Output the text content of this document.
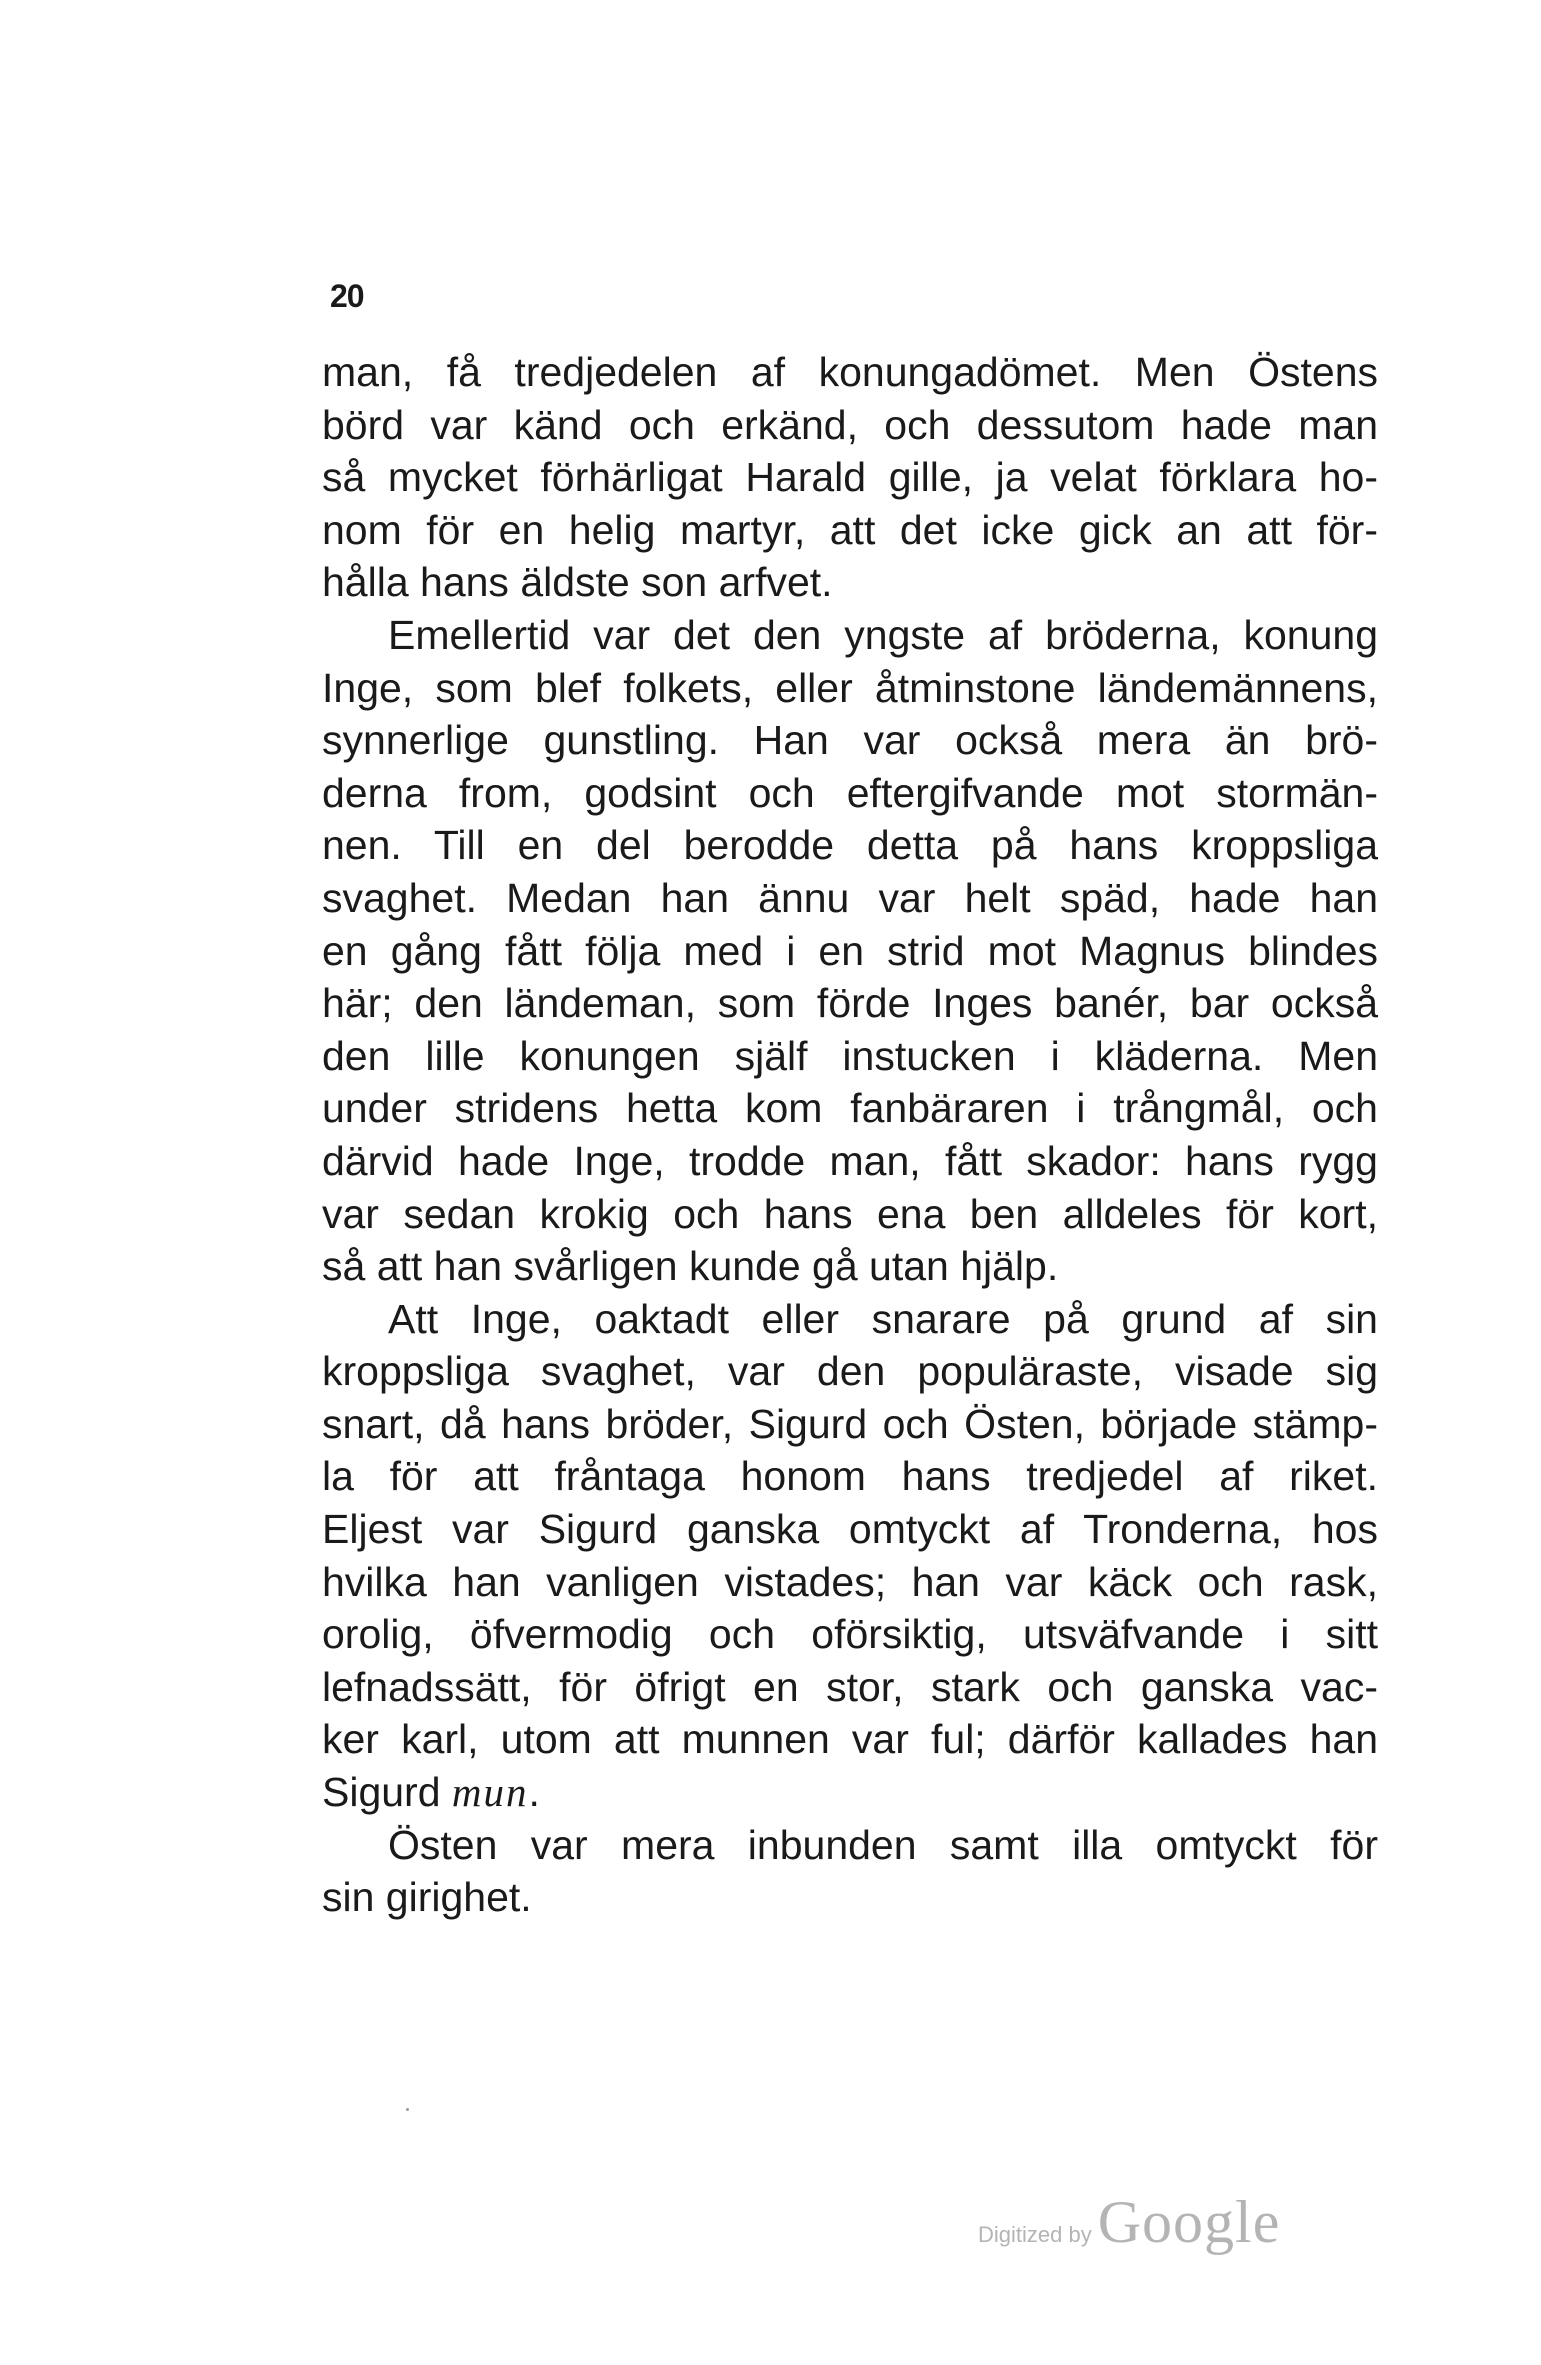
20
man, få tredjedelen af konungadömet. Men Östens
börd var känd och erkänd, och dessutom hade man
så mycket förhärligat Harald gille, ja velat förklara ho-
nom för en helig martyr, att det icke gick an att för-
hålla hans äldste son arfvet.
Emellertid var det den yngste af bröderna, konung
Inge, som blef folkets, eller åtminstone ländemännens,
synnerlige gunstling. Han var också mera än brö-
derna from, godsint och eftergifvande mot stormän-
nen. Till en del berodde detta på hans kroppsliga
svaghet. Medan han ännu var helt späd, hade han
en gång fått följa med i en strid mot Magnus blindes
här; den ländeman, som förde Inges banér, bar också
den lille konungen själf instucken i kläderna. Men
under stridens hetta kom fanbäraren i trångmål, och
därvid hade Inge, trodde man, fått skador: hans rygg
var sedan krokig och hans ena ben alldeles för kort,
så att han svårligen kunde gå utan hjälp.
Att Inge, oaktadt eller snarare på grund af sin
kroppsliga svaghet, var den populäraste, visade sig
snart, då hans bröder, Sigurd och Östen, började stämp-
la för att fråntaga honom hans tredjedel af riket.
Eljest var Sigurd ganska omtyckt af Tronderna, hos
hvilka han vanligen vistades; han var käck och rask,
orolig, öfvermodig och oförsiktig, utsväfvande i sitt
lefnadssätt, för öfrigt en stor, stark och ganska vac-
ker karl, utom att munnen var ful; därför kallades han
Sigurd mun.
Östen var mera inbunden samt illa omtyckt för
sin girighet.
Digitized by Google
